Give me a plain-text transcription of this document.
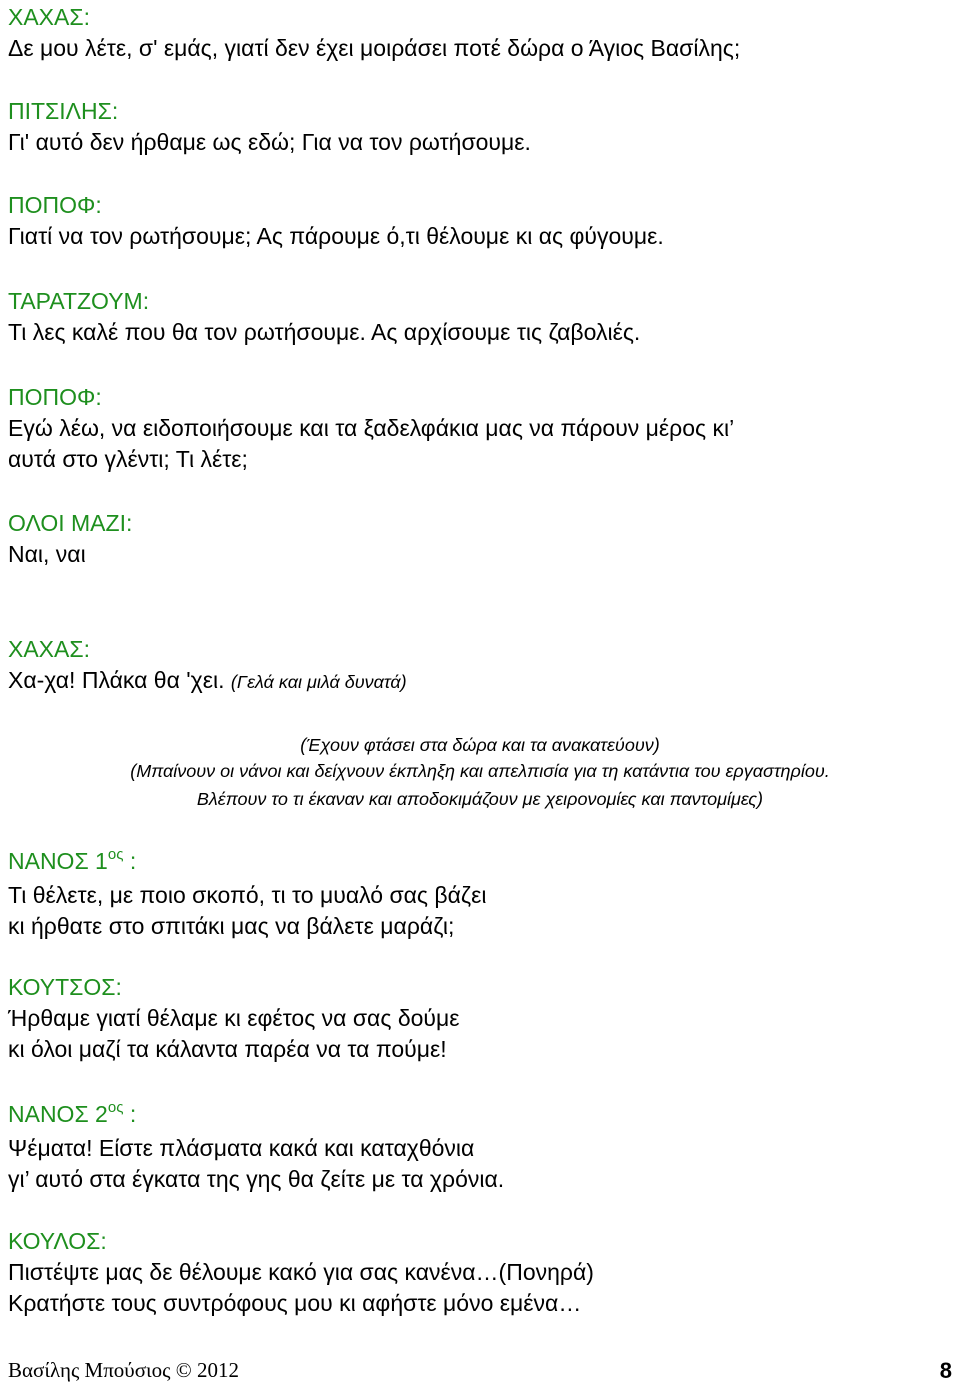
ΧΑΧΑΣ:
Δε μου λέτε, σ' εμάς, γιατί δεν έχει μοιράσει ποτέ δώρα ο Άγιος Βασίλης;
ΠΙΤΣΙΛΗΣ:
Γι' αυτό δεν ήρθαμε ως εδώ; Για να τον ρωτήσουμε.
ΠΟΠΟΦ:
Γιατί να τον ρωτήσουμε; Ας πάρουμε ό,τι θέλουμε κι ας φύγουμε.
ΤΑΡΑΤΖΟΥΜ:
Τι λες καλέ που θα τον ρωτήσουμε. Ας αρχίσουμε τις ζαβολιές.
ΠΟΠΟΦ:
Εγώ λέω, να ειδοποιήσουμε και τα ξαδελφάκια μας να πάρουν μέρος κι’
αυτά στο γλέντι; Τι λέτε;
ΟΛΟΙ ΜΑΖΙ:
Ναι, ναι
ΧΑΧΑΣ:
Χα-χα! Πλάκα θα 'χει. (Γελά και μιλά δυνατά)
(Έχουν φτάσει στα δώρα και τα ανακατεύουν)
(Μπαίνουν οι νάνοι και δείχνουν έκπληξη και απελπισία για τη κατάντια του εργαστηρίου.
Βλέπουν το τι έκαναν και αποδοκιμάζουν με χειρονομίες και παντομίμες)
ΝΑΝΟΣ $1^{o\varsigma}$ :
Τι θέλετε, με ποιο σκοπό, τι το μυαλό σας βάζει
κι ήρθατε στο σπιτάκι μας να βάλετε μαράζι;
ΚΟΥΤΣΟΣ:
Ήρθαμε γιατί θέλαμε κι εφέτος να σας δούμε
κι όλοι μαζί τα κάλαντα παρέα να τα πούμε!
ΝΑΝΟΣ $2^{o\varsigma}$ :
Ψέματα! Είστε πλάσματα κακά και καταχθόνια
γι’ αυτό στα έγκατα της γης θα ζείτε με τα χρόνια.
ΚΟΥΛΟΣ:
Πιστέψτε μας δε θέλουμε κακό για σας κανένα…(Πονηρά)
Κρατήστε τους συντρόφους μου κι αφήστε μόνο εμένα…
Βασίλης Μπούσιος © 2012	8
